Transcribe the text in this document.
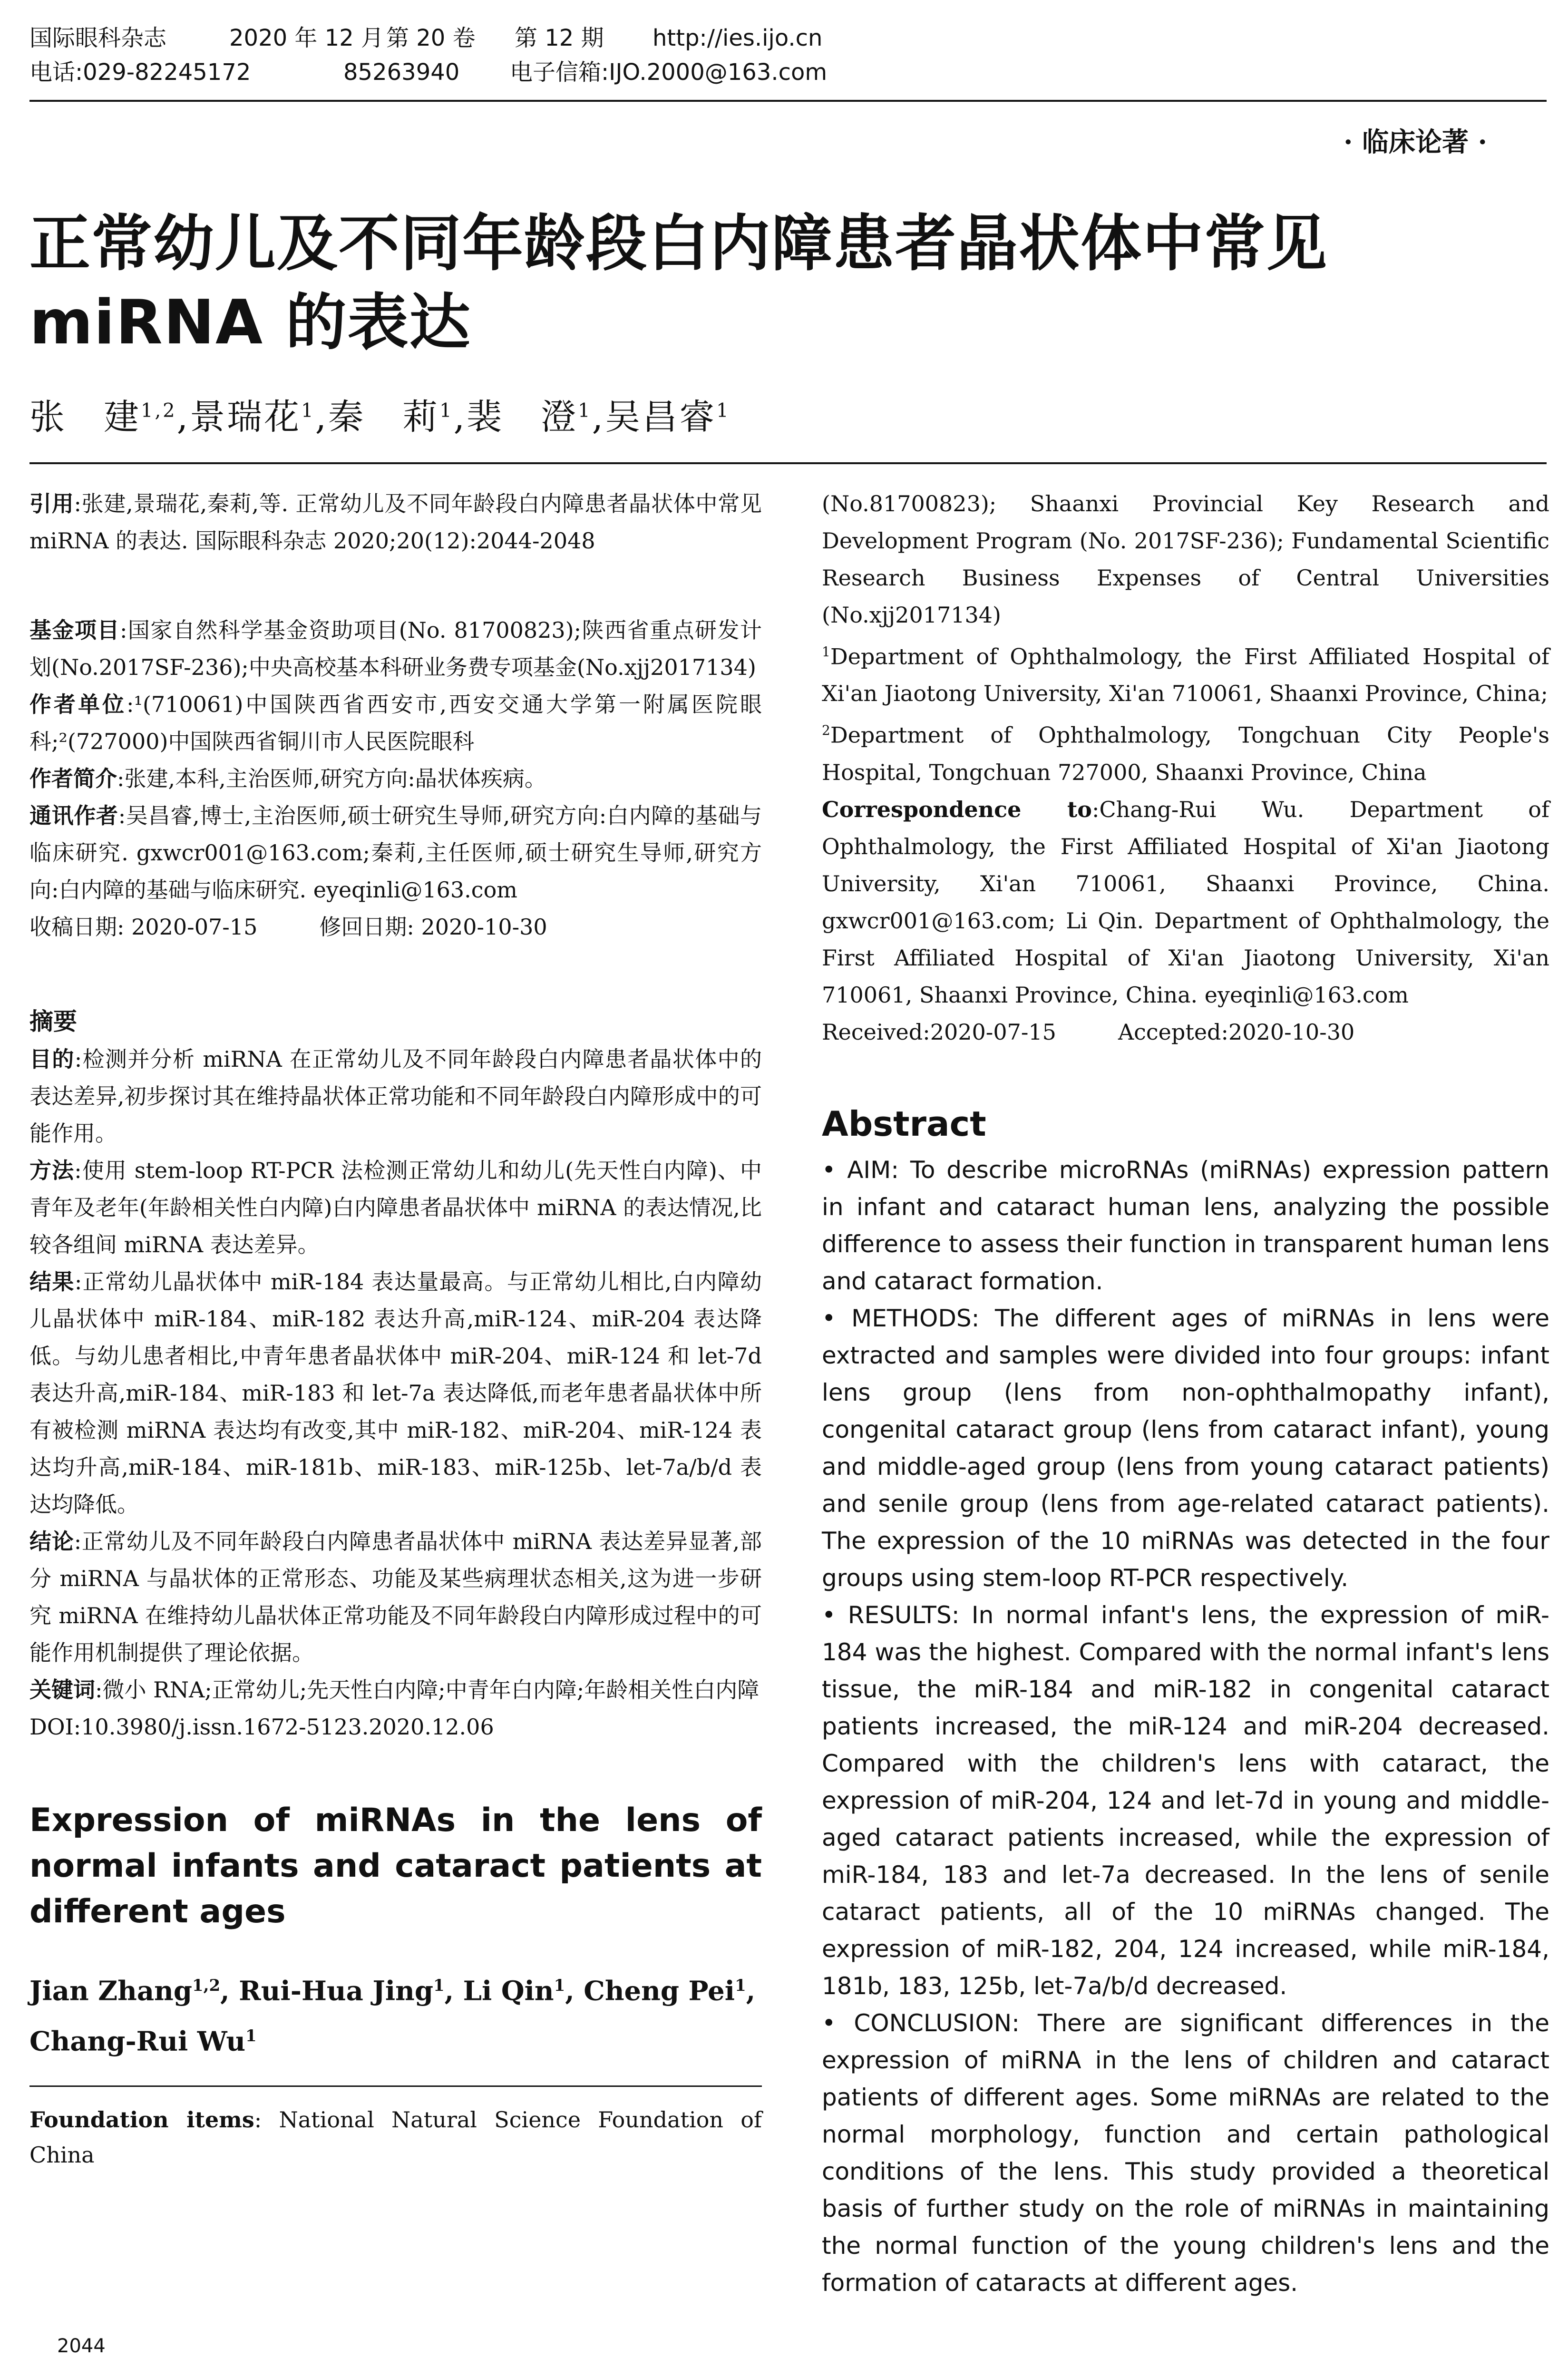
国际眼科杂志	2020 年 12 月 第 20 卷	第 12 期	http://ies.ijo.cn
电话:029-82245172	85263940	电子信箱:IJO.2000@163.com
· 临床论著 ·
正常幼儿及不同年龄段白内障患者晶状体中常见 miRNA 的表达
张　建$^{1,2}$,景瑞花$^1$,秦　莉$^1$,裴　澄$^1$,吴昌睿$^1$

引用:张建,景瑞花,秦莉,等. 正常幼儿及不同年龄段白内障患者晶状体中常见 miRNA 的表达. 国际眼科杂志 2020;20(12):2044-2048

基金项目:国家自然科学基金资助项目(No. 81700823);陕西省重点研发计划(No.2017SF-236);中央高校基本科研业务费专项基金(No.xjj2017134)

作者单位:¹(710061)中国陕西省西安市,西安交通大学第一附属医院眼科;²(727000)中国陕西省铜川市人民医院眼科

作者简介:张建,本科,主治医师,研究方向:晶状体疾病。

通讯作者:吴昌睿,博士,主治医师,硕士研究生导师,研究方向:白内障的基础与临床研究. gxwcr001@163.com;秦莉,主任医师,硕士研究生导师,研究方向:白内障的基础与临床研究. eyeqinli@163.com

收稿日期: 2020-07-15	修回日期: 2020-10-30
摘要

目的:检测并分析 miRNA 在正常幼儿及不同年龄段白内障患者晶状体中的表达差异,初步探讨其在维持晶状体正常功能和不同年龄段白内障形成中的可能作用。

方法:使用 stem-loop RT-PCR 法检测正常幼儿和幼儿(先天性白内障)、中青年及老年(年龄相关性白内障)白内障患者晶状体中 miRNA 的表达情况,比较各组间 miRNA 表达差异。

结果:正常幼儿晶状体中 miR-184 表达量最高。与正常幼儿相比,白内障幼儿晶状体中 miR-184、miR-182 表达升高,miR-124、miR-204 表达降低。与幼儿患者相比,中青年患者晶状体中 miR-204、miR-124 和 let-7d 表达升高,miR-184、miR-183 和 let-7a 表达降低,而老年患者晶状体中所有被检测 miRNA 表达均有改变,其中 miR-182、miR-204、miR-124 表达均升高,miR-184、miR-181b、miR-183、miR-125b、let-7a/b/d 表达均降低。

结论:正常幼儿及不同年龄段白内障患者晶状体中 miRNA 表达差异显著,部分 miRNA 与晶状体的正常形态、功能及某些病理状态相关,这为进一步研究 miRNA 在维持幼儿晶状体正常功能及不同年龄段白内障形成过程中的可能作用机制提供了理论依据。

关键词:微小 RNA;正常幼儿;先天性白内障;中青年白内障;年龄相关性白内障

DOI:10.3980/j.issn.1672-5123.2020.12.06

Expression of miRNAs in the lens of normal infants and cataract patients at different ages
Jian Zhang$^{1,2}$, Rui-Hua Jing$^1$, Li Qin$^1$, Cheng Pei$^1$, Chang-Rui Wu$^1$
Foundation items: National Natural Science Foundation of China

(No.81700823); Shaanxi Provincial Key Research and Development Program (No. 2017SF-236); Fundamental Scientific Research Business Expenses of Central Universities (No.xjj2017134)

$^1$Department of Ophthalmology, the First Affiliated Hospital of Xi'an Jiaotong University, Xi'an 710061, Shaanxi Province, China;

$^2$Department of Ophthalmology, Tongchuan City People's Hospital, Tongchuan 727000, Shaanxi Province, China

Correspondence to:Chang-Rui Wu. Department of Ophthalmology, the First Affiliated Hospital of Xi'an Jiaotong University, Xi'an 710061, Shaanxi Province, China. gxwcr001@163.com; Li Qin. Department of Ophthalmology, the First Affiliated Hospital of Xi'an Jiaotong University, Xi'an 710061, Shaanxi Province, China. eyeqinli@163.com

Received:2020-07-15	Accepted:2020-10-30
Abstract

• AIM: To describe microRNAs (miRNAs) expression pattern in infant and cataract human lens, analyzing the possible difference to assess their function in transparent human lens and cataract formation.

• METHODS: The different ages of miRNAs in lens were extracted and samples were divided into four groups: infant lens group (lens from non-ophthalmopathy infant), congenital cataract group (lens from cataract infant), young and middle-aged group (lens from young cataract patients) and senile group (lens from age-related cataract patients). The expression of the 10 miRNAs was detected in the four groups using stem-loop RT-PCR respectively.

• RESULTS: In normal infant's lens, the expression of miR-184 was the highest. Compared with the normal infant's lens tissue, the miR-184 and miR-182 in congenital cataract patients increased, the miR-124 and miR-204 decreased. Compared with the children's lens with cataract, the expression of miR-204, 124 and let-7d in young and middle-aged cataract patients increased, while the expression of miR-184, 183 and let-7a decreased. In the lens of senile cataract patients, all of the 10 miRNAs changed. The expression of miR-182, 204, 124 increased, while miR-184, 181b, 183, 125b, let-7a/b/d decreased.

• CONCLUSION: There are significant differences in the expression of miRNA in the lens of children and cataract patients of different ages. Some miRNAs are related to the normal morphology, function and certain pathological conditions of the lens. This study provided a theoretical basis of further study on the role of miRNAs in maintaining the normal function of the young children's lens and the formation of cataracts at different ages.

2044
